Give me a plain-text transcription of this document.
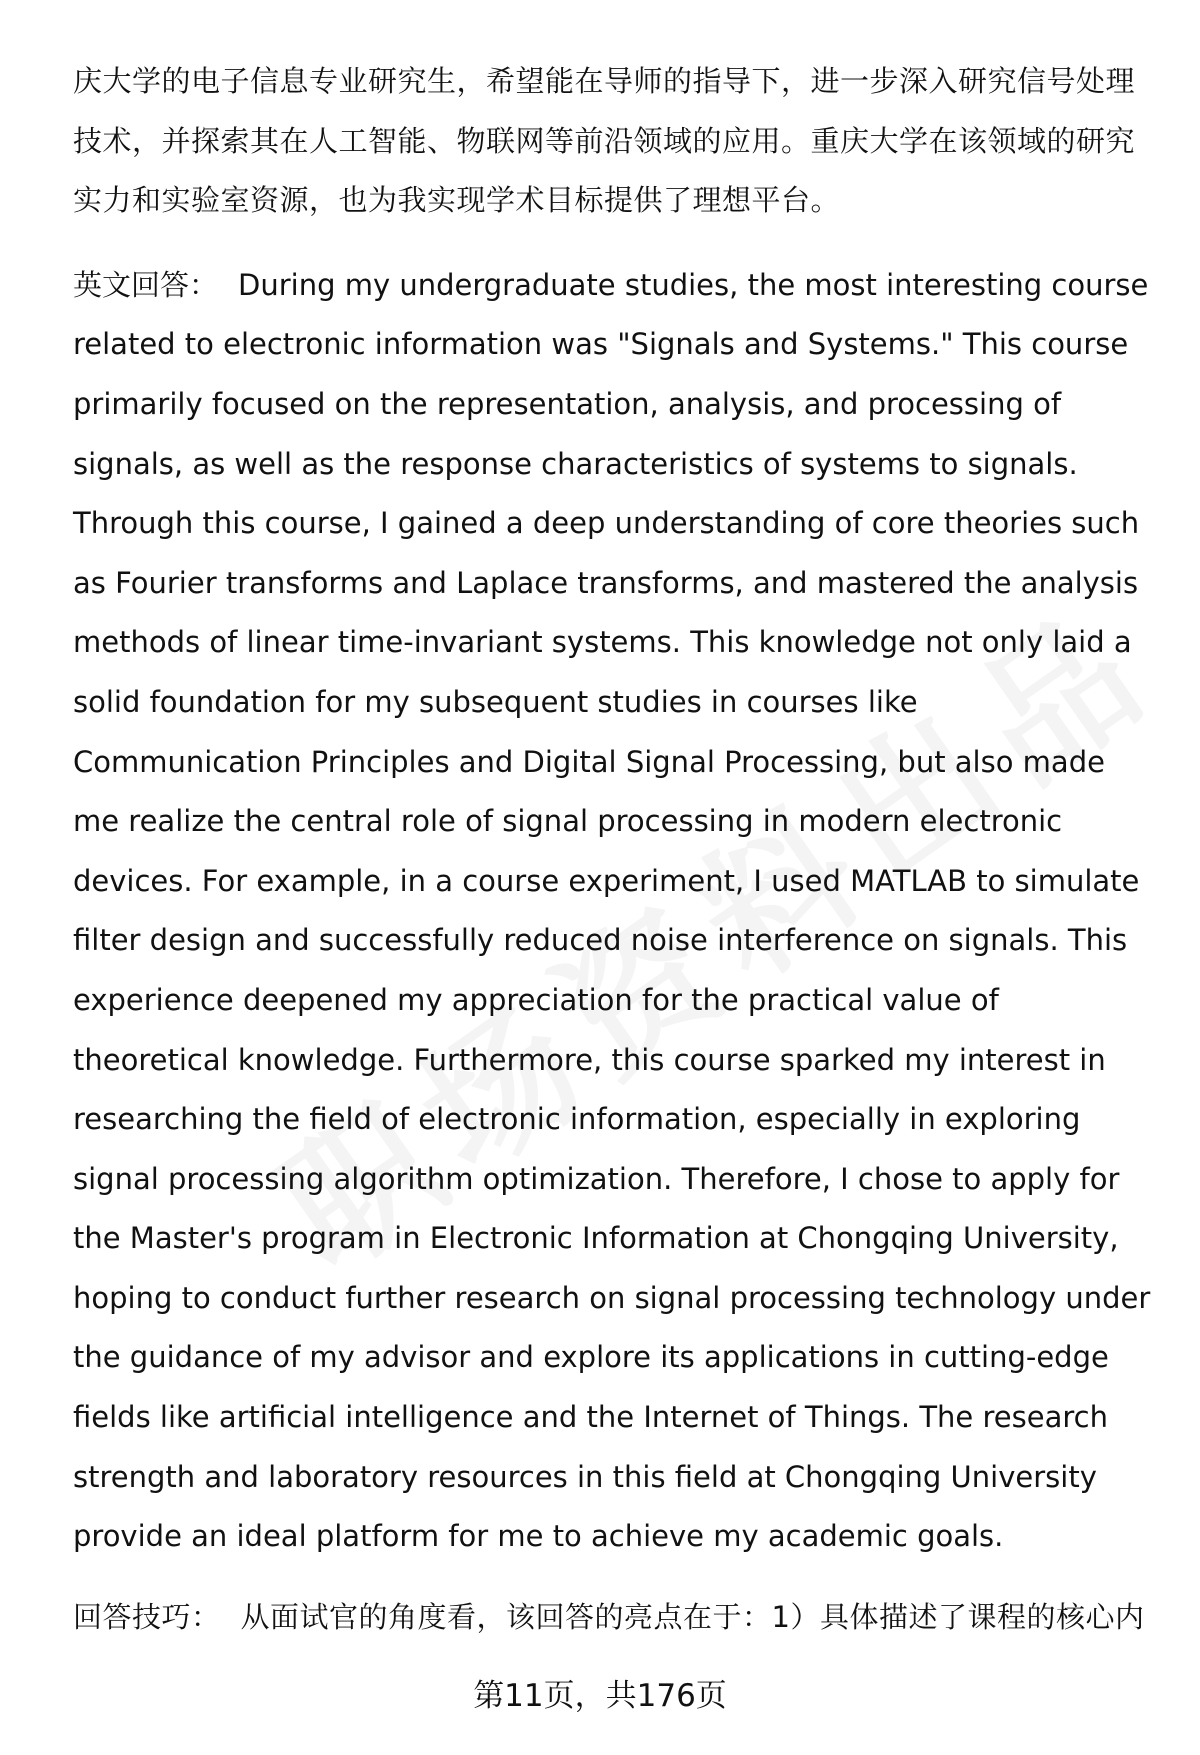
庆大学的电子信息专业研究生，希望能在导师的指导下，进一步深入研究信号处理技术，并探索其在人工智能、物联网等前沿领域的应用。重庆大学在该领域的研究实力和实验室资源，也为我实现学术目标提供了理想平台。

英文回答： During my undergraduate studies, the most interesting course related to electronic information was "Signals and Systems." This course primarily focused on the representation, analysis, and processing of signals, as well as the response characteristics of systems to signals. Through this course, I gained a deep understanding of core theories such as Fourier transforms and Laplace transforms, and mastered the analysis methods of linear time-invariant systems. This knowledge not only laid a solid foundation for my subsequent studies in courses like Communication Principles and Digital Signal Processing, but also made me realize the central role of signal processing in modern electronic devices. For example, in a course experiment, I used MATLAB to simulate filter design and successfully reduced noise interference on signals. This experience deepened my appreciation for the practical value of theoretical knowledge. Furthermore, this course sparked my interest in researching the field of electronic information, especially in exploring signal processing algorithm optimization. Therefore, I chose to apply for the Master's program in Electronic Information at Chongqing University, hoping to conduct further research on signal processing technology under the guidance of my advisor and explore its applications in cutting-edge fields like artificial intelligence and the Internet of Things. The research strength and laboratory resources in this field at Chongqing University provide an ideal platform for me to achieve my academic goals.

回答技巧： 从面试官的角度看，该回答的亮点在于：1）具体描述了课程的核心内

第11页，共176页
